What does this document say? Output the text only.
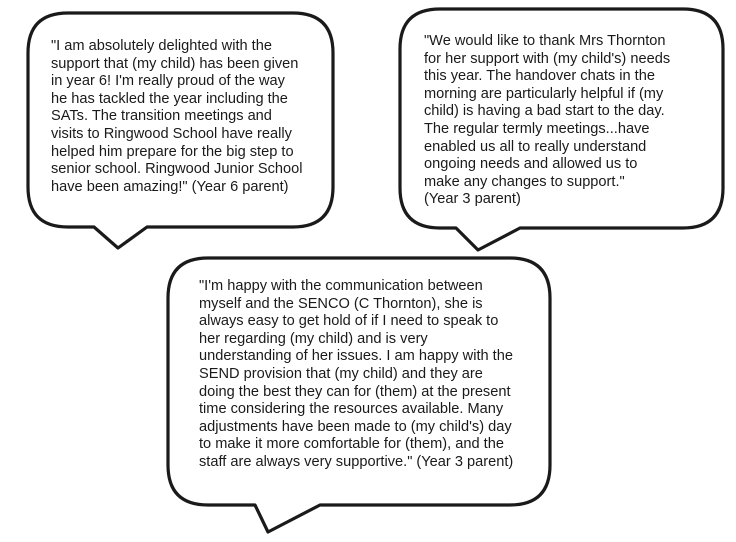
"I am absolutely delighted with the
support that (my child) has been given
in year 6! I'm really proud of the way
he has tackled the year including the
SATs. The transition meetings and
visits to Ringwood School have really
helped him prepare for the big step to
senior school. Ringwood Junior School
have been amazing!" (Year 6 parent)
"We would like to thank Mrs Thornton
for her support with (my child's) needs
this year. The handover chats in the
morning are particularly helpful if (my
child) is having a bad start to the day.
The regular termly meetings...have
enabled us all to really understand
ongoing needs and allowed us to
make any changes to support."
(Year 3 parent)
"I'm happy with the communication between
myself and the SENCO (C Thornton), she is
always easy to get hold of if I need to speak to
her regarding (my child) and is very
understanding of her issues. I am happy with the
SEND provision that (my child) and they are
doing the best they can for (them) at the present
time considering the resources available. Many
adjustments have been made to (my child's) day
to make it more comfortable for (them), and the
staff are always very supportive." (Year 3 parent)
